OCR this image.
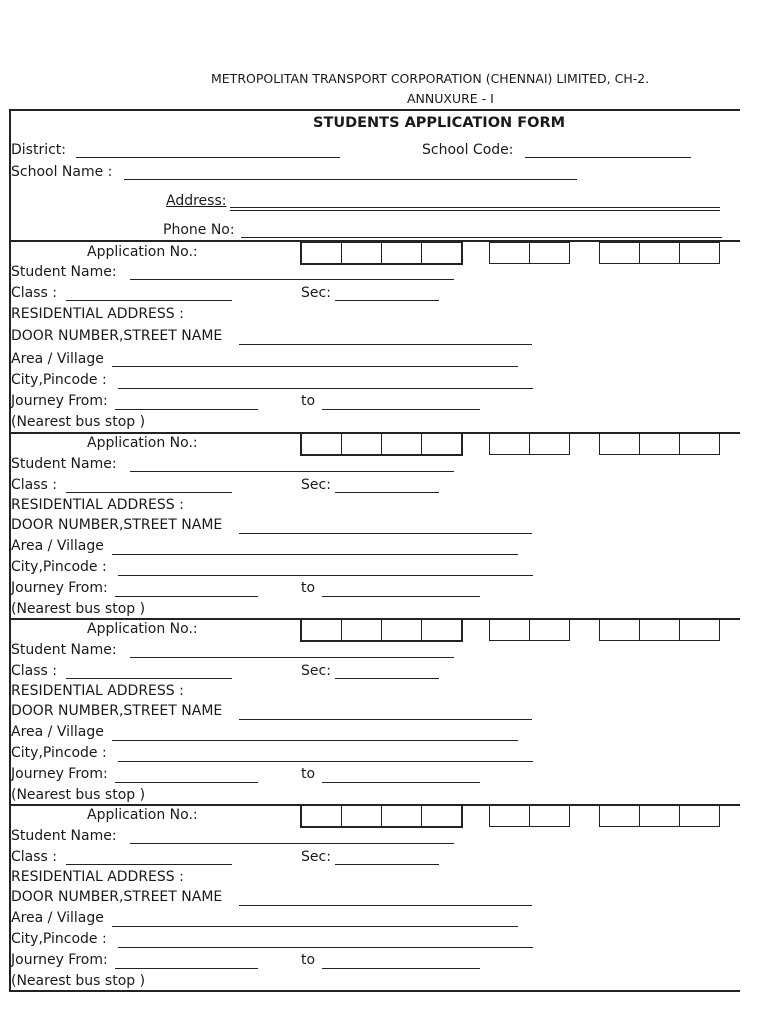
METROPOLITAN TRANSPORT CORPORATION (CHENNAI) LIMITED, CH-2.
ANNUXURE - I
STUDENTS APPLICATION FORM
District:	School Code:
School Name :
Address:
Phone No:
Application No.:
Student Name:
Class :	Sec:
RESIDENTIAL ADDRESS :
DOOR NUMBER,STREET NAME
Area / Village
City,Pincode :
Journey From:	to
(Nearest bus stop )
Application No.:
Student Name:
Class :	Sec:
RESIDENTIAL ADDRESS :
DOOR NUMBER,STREET NAME
Area / Village
City,Pincode :
Journey From:	to
(Nearest bus stop )
Application No.:
Student Name:
Class :	Sec:
RESIDENTIAL ADDRESS :
DOOR NUMBER,STREET NAME
Area / Village
City,Pincode :
Journey From:	to
(Nearest bus stop )
Application No.:
Student Name:
Class :	Sec:
RESIDENTIAL ADDRESS :
DOOR NUMBER,STREET NAME
Area / Village
City,Pincode :
Journey From:	to
(Nearest bus stop )
